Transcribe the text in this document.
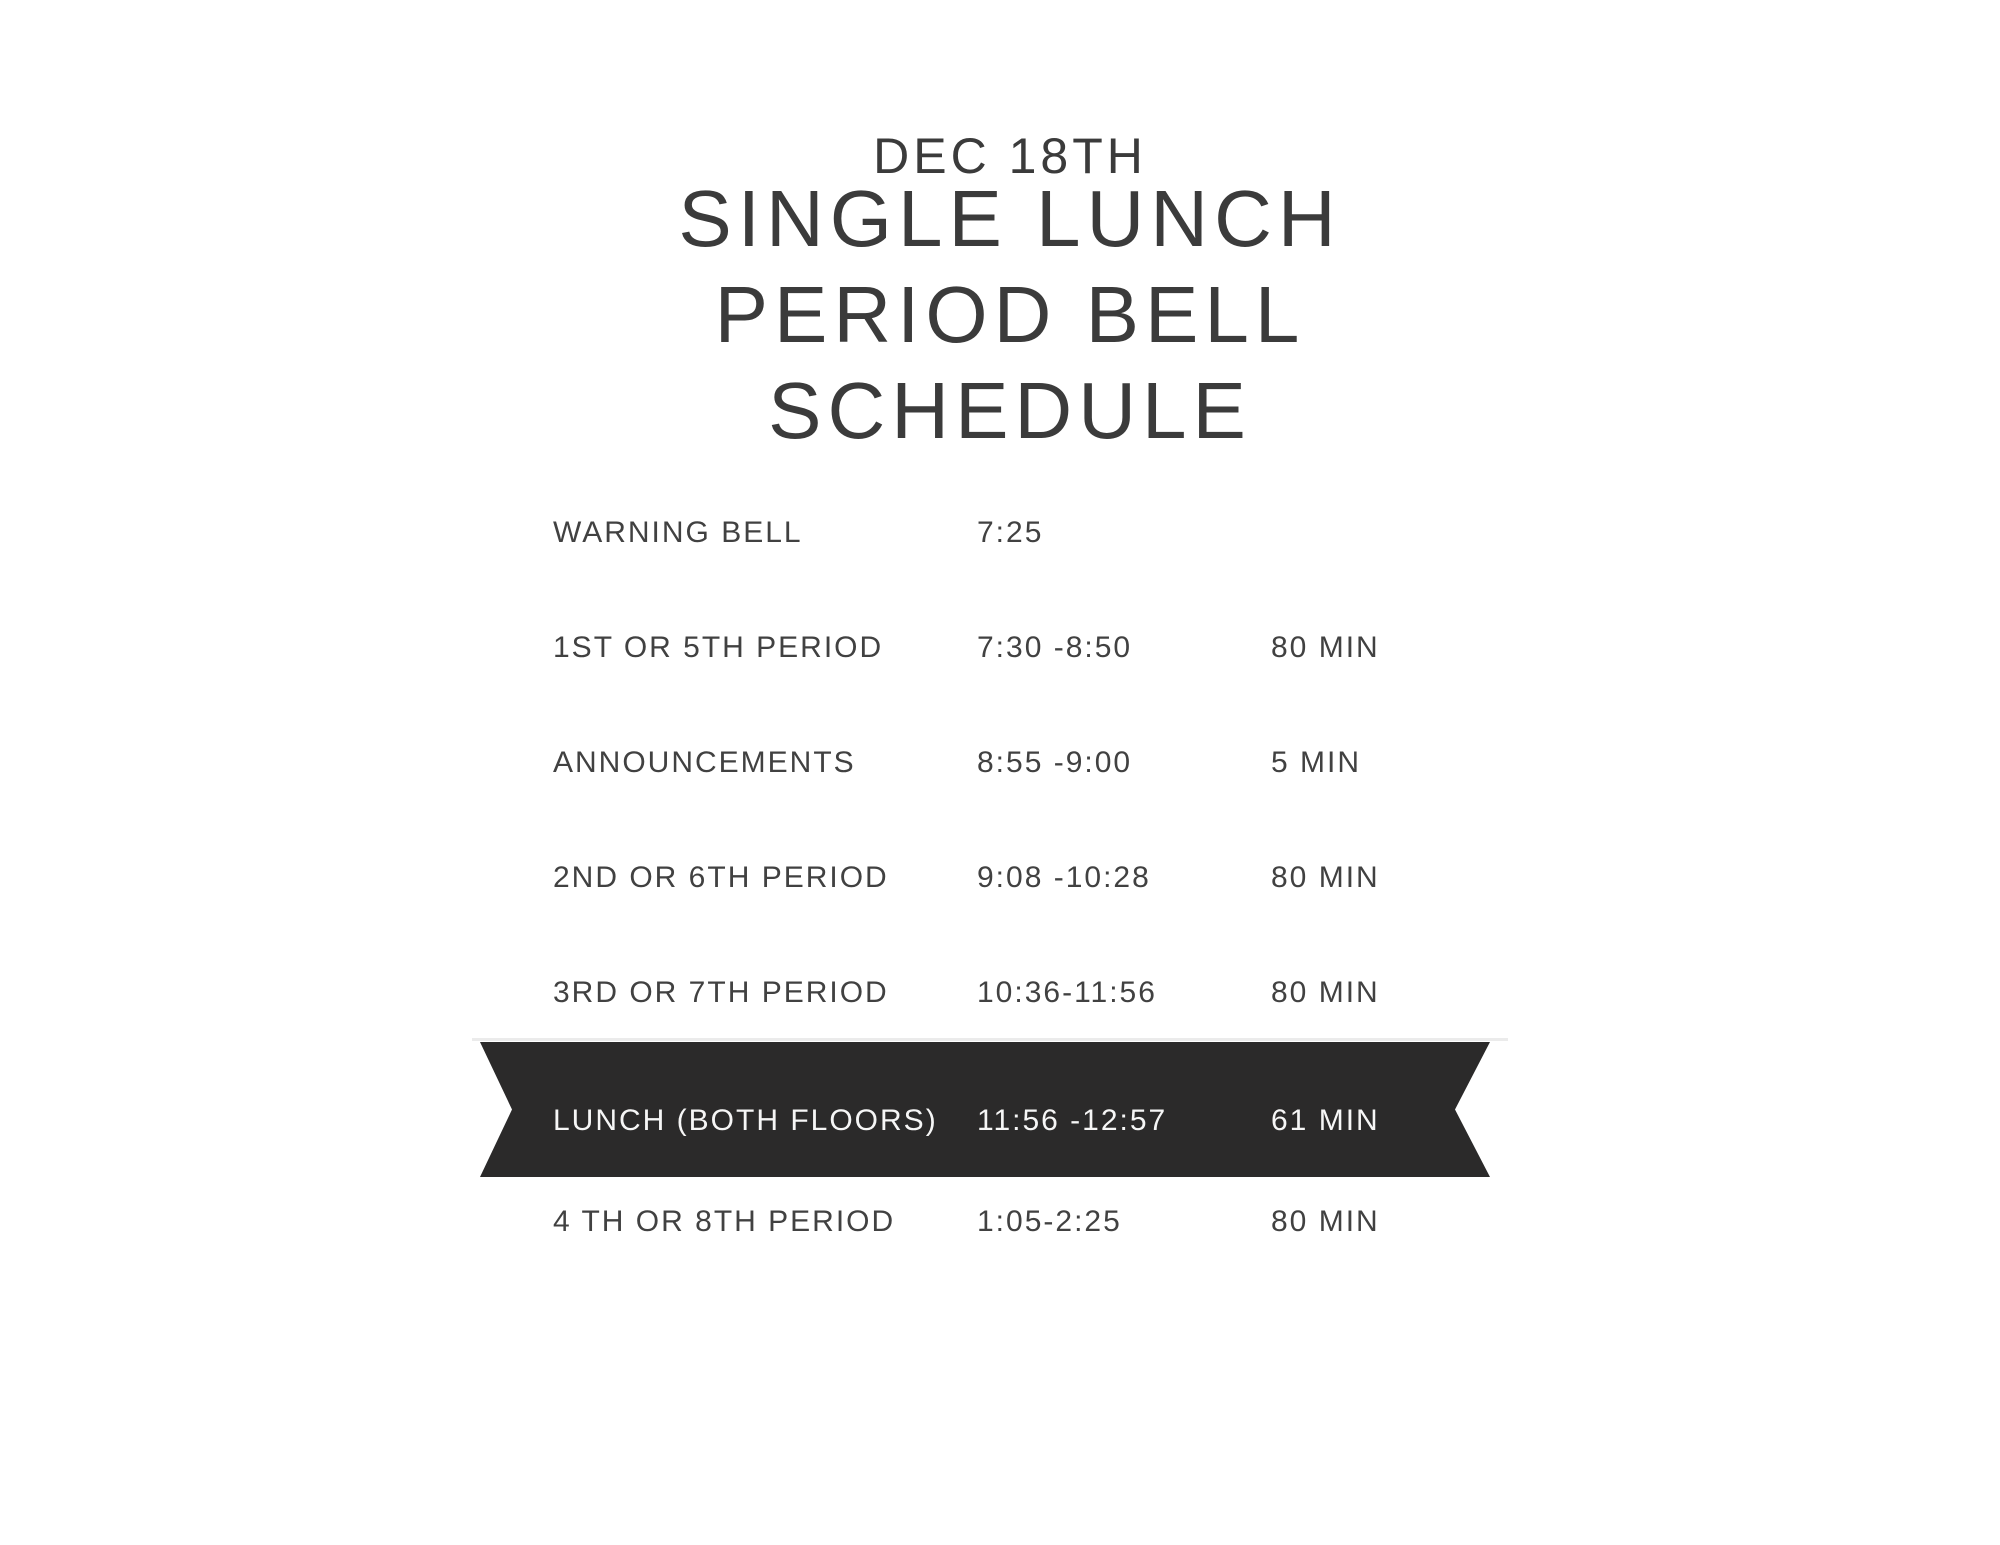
DEC 18TH
SINGLE LUNCH
PERIOD BELL
SCHEDULE
WARNING BELL	7:25
1ST OR 5TH PERIOD	7:30 -8:50	80 MIN
ANNOUNCEMENTS	8:55 -9:00	5 MIN
2ND OR 6TH PERIOD	9:08 -10:28	80 MIN
3RD OR 7TH PERIOD	10:36-11:56	80 MIN
LUNCH (BOTH FLOORS) 11:56 -12:57	61 MIN
4 TH OR 8TH PERIOD	1:05-2:25	80 MIN
